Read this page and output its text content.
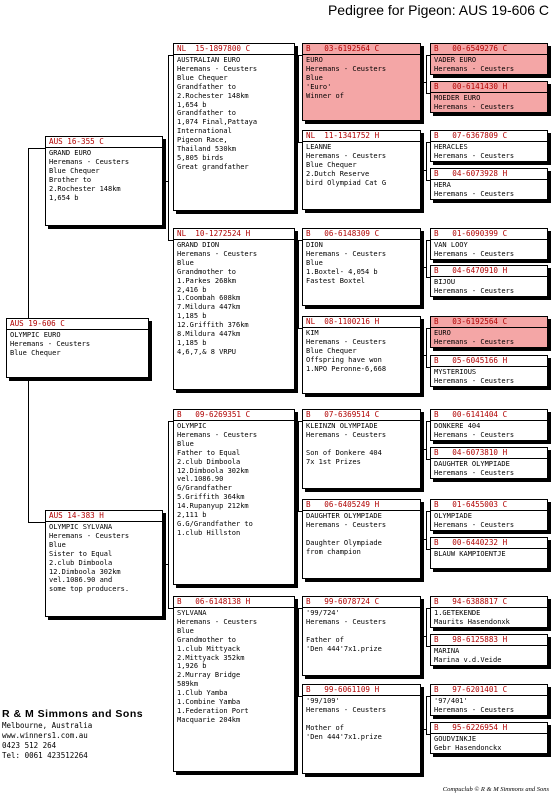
Pedigree for Pigeon: AUS 19-606 C
AUS 19-606 C
OLYMPIC EURO
Heremans - Ceusters
Blue Chequer
AUS 16-355 C
GRAND EURO
Heremans - Ceusters
Blue Chequer
Brother to
2.Rochester 148km
1,654 b
AUS 14-383 H
OLYMPIC SYLVANA
Heremans - Ceusters
Blue
Sister to Equal
2.club Dimboola
12.Dimboola 302km
vel.1086.90 and
some top producers.
NL  15-1897800 C
AUSTRALIAN EURO
Heremans - Ceusters
Blue Chequer
Grandfather to
2.Rochester 148km
1,654 b
Grandfather to
1,074 Final,Pattaya
International
Pigeon Race,
Thailand 530km
5,805 birds
Great grandfather
NL  10-1272524 H
GRAND DION
Heremans - Ceusters
Blue
Grandmother to
1.Parkes 268km
2,416 b
1.Coombah 608km
7.Mildura 447km
1,185 b
12.Griffith 376km
8.Mildura 447km
1,185 b
4,6,7,& 8 VRPU
B   09-6269351 C
OLYMPIC
Heremans - Ceusters
Blue
Father to Equal
2.club Dimboola
12.Dimboola 302km
vel.1086.90
G/Grandfather
5.Griffith 364km
14.Rupanyup 212km
2,111 b
G.G/Grandfather to
1.club Hillston
B   06-6148138 H
SYLVANA
Heremans - Ceusters
Blue
Grandmother to
1.club Mittyack
2.Mittyack 352km
1,926 b
2.Murray Bridge
589km
1.Club Yamba
1.Combine Yamba
1.Federation Port
Macquarie 204km
B   03-6192564 C
EURO
Heremans - Ceusters
Blue
'Euro'
Winner of
NL  11-1341752 H
LEANNE
Heremans - Ceusters
Blue Chequer
2.Dutch Reserve
bird Olympiad Cat G
B   06-6148309 C
DION
Heremans - Ceusters
Blue
1.Boxtel- 4,054 b
Fastest Boxtel
NL  08-1100216 H
KIM
Heremans - Ceusters
Blue Chequer
Offspring have won
1.NPO Peronne-6,668
B   07-6369514 C
KLEINZN OLYMPIADE
Heremans - Ceusters
Son of Donkere 404
7x 1st Prizes
B   06-6405249 H
DAUGHTER OLYMPIADE
Heremans - Ceusters
Daughter Olympiade
from champion
B   99-6078724 C
'99/724'
Heremans - Ceusters
Father of
'Den 444'7x1.prize
B   99-6061109 H
'99/109'
Heremans - Ceusters
Mother of
'Den 444'7x1.prize
B   00-6549276 C
VADER EURO
Heremans - Ceusters
B   00-6141430 H
MOEDER EURO
Heremans - Ceusters
B   07-6367809 C
HERACLES
Heremans - Ceusters
B   04-6073928 H
HERA
Heremans - Ceusters
B   01-6090399 C
VAN LOOY
Heremans - Ceusters
B   04-6470910 H
BIJOU
Heremans - Ceusters
B   03-6192564 C
EURO
Heremans - Ceusters
B   05-6045166 H
MYSTERIOUS
Heremans - Ceusters
B   00-6141404 C
DONKERE 404
Heremans - Ceusters
B   04-6073810 H
DAUGHTER OLYMPIADE
Heremans - Ceusters
B   01-6455003 C
OLYMPIADE
Heremans - Ceusters
B   00-6440232 H
BLAUW KAMPIOENTJE
B   94-6388817 C
1.GETEKENDE
Maurits Hasendonxk
B   98-6125883 H
MARINA
Marina v.d.Veide
B   97-6201401 C
'97/401'
Heremans - Ceusters
B   95-6226954 H
GOUDVINKJE
Gebr Hasendonckx
R & M Simmons and Sons
Melbourne, Australia
www.winners1.com.au
0423 512 264
Tel: 0061 423512264
Compuclub © R & M Simmons and Sons
